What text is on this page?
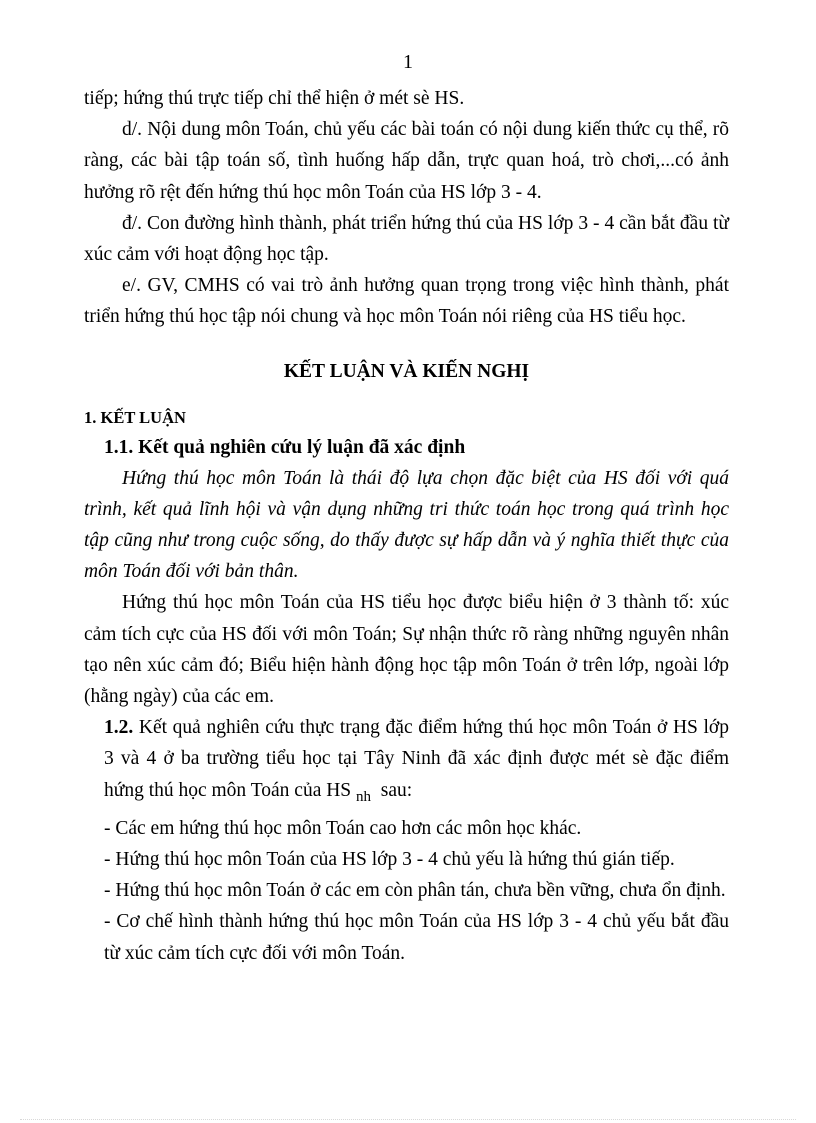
1

tiếp; hứng thú trực tiếp chỉ thể hiện ở mét sè HS.

d/. Nội dung môn Toán, chủ yếu các bài toán có nội dung kiến thức cụ thể, rõ ràng, các bài tập toán số, tình huống hấp dẫn, trực quan hoá, trò chơi,...có ảnh hưởng rõ rệt đến hứng thú học môn Toán của HS lớp 3 - 4.

đ/. Con đường hình thành, phát triển hứng thú của HS lớp 3 - 4 cần bắt đầu từ xúc cảm với hoạt động học tập.

e/. GV, CMHS có vai trò ảnh hưởng quan trọng trong việc hình thành, phát triển hứng thú học tập nói chung và học môn Toán nói riêng của HS tiểu học.

KẾT LUẬN VÀ KIẾN NGHỊ

1. KẾT LUẬN

1.1. Kết quả nghiên cứu lý luận đã xác định

Hứng thú học môn Toán là thái độ lựa chọn đặc biệt của HS đối với quá trình, kết quả lĩnh hội và vận dụng những tri thức toán học trong quá trình học tập cũng như trong cuộc sống, do thấy được sự hấp dẫn và ý nghĩa thiết thực của môn Toán đối với bản thân.

Hứng thú học môn Toán của HS tiểu học được biểu hiện ở 3 thành tố: xúc cảm tích cực của HS đối với môn Toán; Sự nhận thức rõ ràng những nguyên nhân tạo nên xúc cảm đó; Biểu hiện hành động học tập môn Toán ở trên lớp, ngoài lớp (hằng ngày) của các em.

1.2. Kết quả nghiên cứu thực trạng đặc điểm hứng thú học môn Toán ở HS lớp 3 và 4 ở ba trường tiểu học tại Tây Ninh đã xác định được mét sè đặc điểm hứng thú học môn Toán của HS $_{nh}$ sau:

- Các em hứng thú học môn Toán cao hơn các môn học khác.

- Hứng thú học môn Toán của HS lớp 3 - 4 chủ yếu là hứng thú gián tiếp.

- Hứng thú học môn Toán ở các em còn phân tán, chưa bền vững, chưa ổn định.

- Cơ chế hình thành hứng thú học môn Toán của HS lớp 3 - 4 chủ yếu bắt đầu từ xúc cảm tích cực đối với môn Toán.
